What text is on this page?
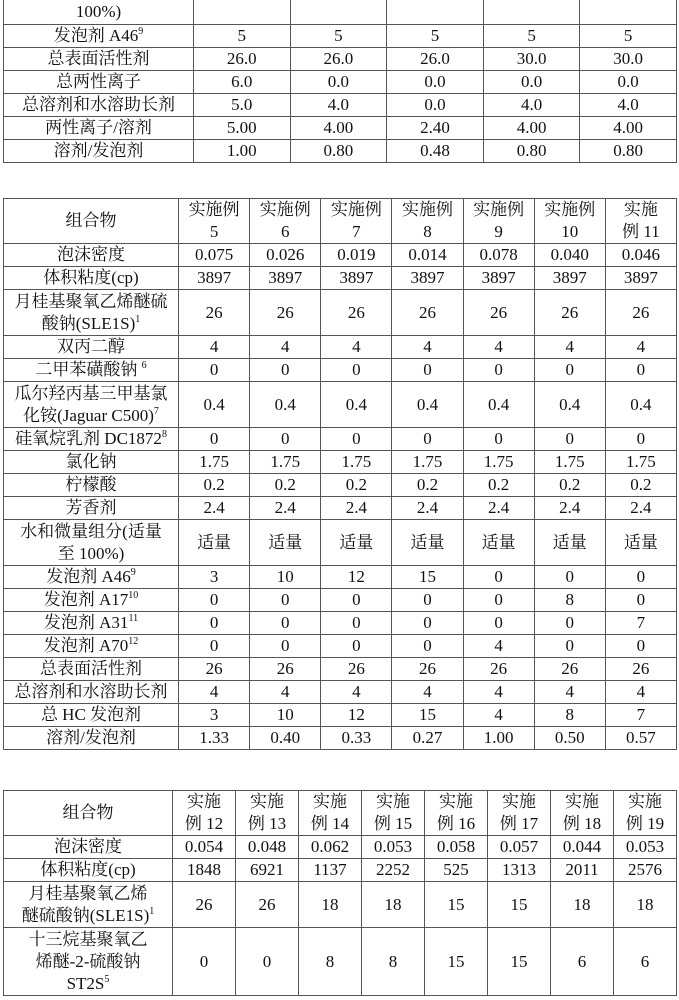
100%)					
发泡剂 A469	5	5	5	5	5
总表面活性剂	26.0	26.0	26.0	30.0	30.0
总两性离子	6.0	0.0	0.0	0.0	0.0
总溶剂和水溶助长剂	5.0	4.0	0.0	4.0	4.0
两性离子/溶剂	5.00	4.00	2.40	4.00	4.00
溶剂/发泡剂	1.00	0.80	0.48	0.80	0.80
组合物	实施例
5	实施例
6	实施例
7	实施例
8	实施例
9	实施例
10	实施
例 11
泡沫密度	0.075	0.026	0.019	0.014	0.078	0.040	0.046
体积粘度(cp)	3897	3897	3897	3897	3897	3897	3897
月桂基聚氧乙烯醚硫
酸钠(SLE1S)1	26	26	26	26	26	26	26
双丙二醇	4	4	4	4	4	4	4
二甲苯磺酸钠 6	0	0	0	0	0	0	0
瓜尔羟丙基三甲基氯
化铵(Jaguar C500)7	0.4	0.4	0.4	0.4	0.4	0.4	0.4
硅氧烷乳剂 DC18728	0	0	0	0	0	0	0
氯化钠	1.75	1.75	1.75	1.75	1.75	1.75	1.75
柠檬酸	0.2	0.2	0.2	0.2	0.2	0.2	0.2
芳香剂	2.4	2.4	2.4	2.4	2.4	2.4	2.4
水和微量组分(适量
至 100%)	适量	适量	适量	适量	适量	适量	适量
发泡剂 A469	3	10	12	15	0	0	0
发泡剂 A1710	0	0	0	0	0	8	0
发泡剂 A3111	0	0	0	0	0	0	7
发泡剂 A7012	0	0	0	0	4	0	0
总表面活性剂	26	26	26	26	26	26	26
总溶剂和水溶助长剂	4	4	4	4	4	4	4
总 HC 发泡剂	3	10	12	15	4	8	7
溶剂/发泡剂	1.33	0.40	0.33	0.27	1.00	0.50	0.57
组合物	实施
例 12	实施
例 13	实施
例 14	实施
例 15	实施
例 16	实施
例 17	实施
例 18	实施
例 19
泡沫密度	0.054	0.048	0.062	0.053	0.058	0.057	0.044	0.053
体积粘度(cp)	1848	6921	1137	2252	525	1313	2011	2576
月桂基聚氧乙烯
醚硫酸钠(SLE1S)1	26	26	18	18	15	15	18	18
十三烷基聚氧乙
烯醚-2-硫酸钠
ST2S5	0	0	8	8	15	15	6	6
